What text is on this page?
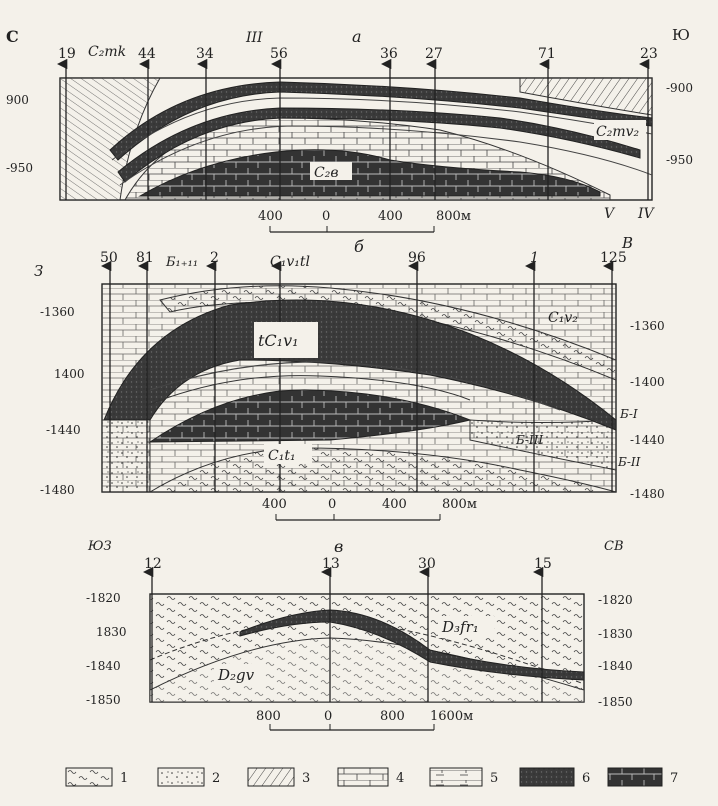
а
С	Ю
19	44	34	56	36 27	71	23
900
-950
-900
-950
C₂mk
III
C₂mv₂
C₂в
V IV
400	0	400	800м
б
З
В
50 81 Б₁₊₁₁ 2	96	1	125
-1360
1400
-1440
-1480
-1360
-1400
-1440
-1480
C₁v₁tl
tC₁v₁
C₁v₂
Б-I
Б-III
Б-II
C₁t₁
400	0	400	800м
в
ЮЗ	СВ
12	13	30	15
-1820
1830
-1840
-1850
-1820
-1830
-1840
-1850
D₃fr₁
D₂gv
800	0	800 1600м
1	2	3	4	5	6	7
